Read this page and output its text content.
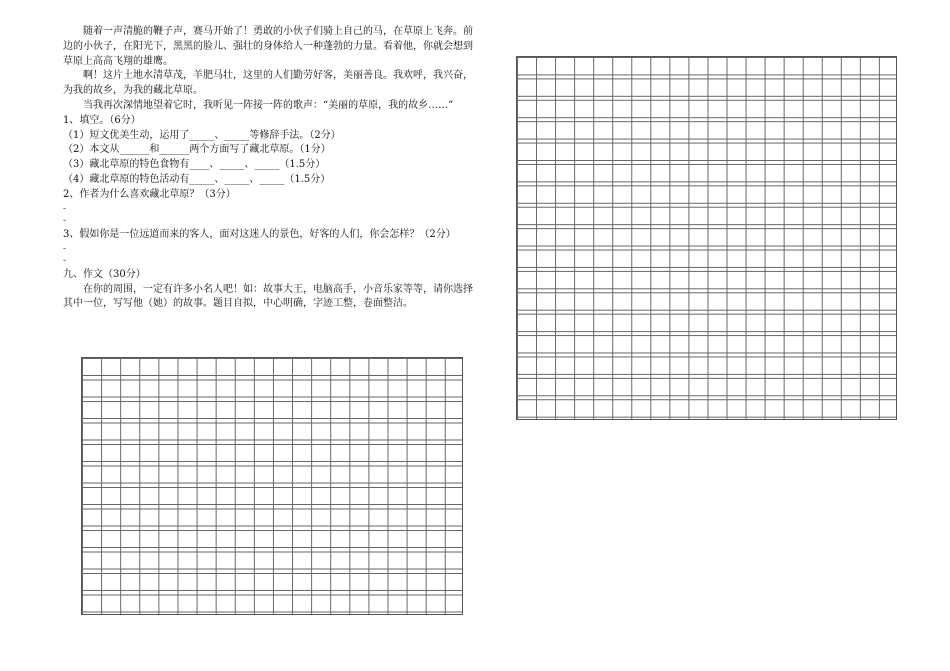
随着一声清脆的鞭子声，赛马开始了！勇敢的小伙子们骑上自己的马，在草原上飞奔。前边的小伙子，在阳光下，黑黑的脸儿、强壮的身体给人一种蓬勃的力量。看着他，你就会想到草原上高高飞翔的雄鹰。

啊！这片土地水清草茂，羊肥马壮，这里的人们勤劳好客，美丽善良。我欢呼，我兴奋，为我的故乡，为我的藏北草原。

当我再次深情地望着它时，我听见一阵接一阵的歌声：“美丽的草原，我的故乡……”

1、填空。（6分）

（1）短文优美生动，运用了_____、_____等修辞手法。（2分）

（2）本文从______和______两个方面写了藏北草原。（1分）

（3）藏北草原的特色食物有____、_____、_____（1.5分）

（4）藏北草原的特色活动有_____、_____、_____（1.5分）

2、作者为什么喜欢藏北草原？（3分）

-

-

3、假如你是一位远道而来的客人，面对这迷人的景色，好客的人们，你会怎样？（2分）

-

-

九、作文（30分）

在你的周围，一定有许多小名人吧！如：故事大王，电脑高手，小音乐家等等，请你选择其中一位，写写他（她）的故事。题目自拟，中心明确，字迹工整，卷面整洁。
